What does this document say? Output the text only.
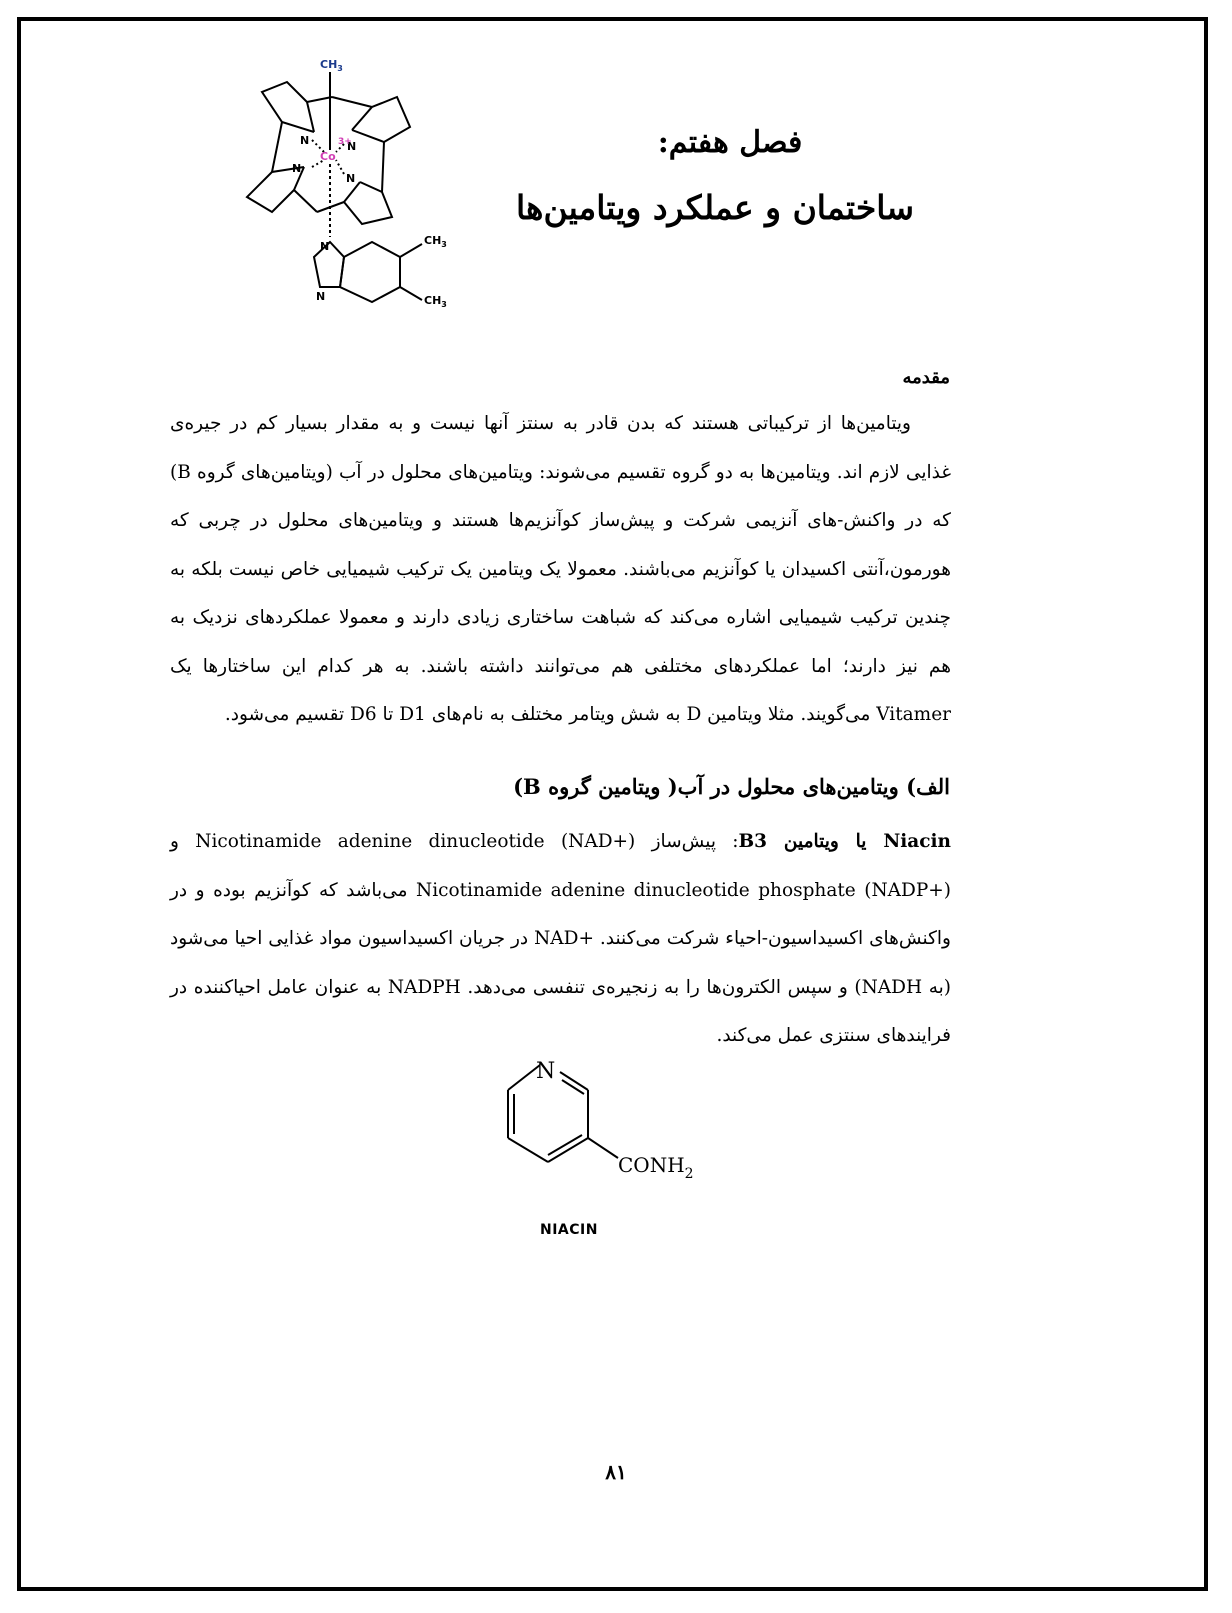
$CH_3$
N	N
N
N
Co
3+
N
N
$CH_3$
$CH_3$
فصل هفتم:
ساختمان و عملکرد ویتامین‌ها
مقدمه

ویتامین‌ها از ترکیباتی هستند که بدن قادر به سنتز آنها نیست و به مقدار بسیار کم در جیره‌ی غذایی لازم اند. ویتامین‌ها به دو گروه تقسیم می‌شوند: ویتامین‌های محلول در آب (ویتامین‌های گروه B) که در واکنش-های آنزیمی شرکت و پیش‌ساز کوآنزیم‌ها هستند و ویتامین‌های محلول در چربی که هورمون،آنتی اکسیدان یا کوآنزیم می‌باشند. معمولا یک ویتامین یک ترکیب شیمیایی خاص نیست بلکه به چندین ترکیب شیمیایی اشاره می‌کند که شباهت ساختاری زیادی دارند و معمولا عملکردهای نزدیک به هم نیز دارند؛ اما عملکردهای مختلفی هم می‌توانند داشته باشند. به هر کدام این ساختارها یک Vitamer می‌گویند. مثلا ویتامین D به شش ویتامر مختلف به نام‌های D1 تا D6 تقسیم می‌شود.

الف) ویتامین‌های محلول در آب( ویتامین گروه B)

Niacin یا ویتامین B3: پیش‌ساز (+Nicotinamide adenine dinucleotide (NAD و (+Nicotinamide adenine dinucleotide phosphate (NADP می‌باشد که کوآنزیم بوده و در واکنش‌های اکسیداسیون-احیاء شرکت می‌کنند. +NAD در جریان اکسیداسیون مواد غذایی احیا می‌شود (به NADH) و سپس الکترون‌ها را به زنجیره‌ی تنفسی می‌دهد. NADPH به عنوان عامل احیاکننده در فرایندهای سنتزی عمل می‌کند.

N
$CONH_2$
NIACIN
۸۱
